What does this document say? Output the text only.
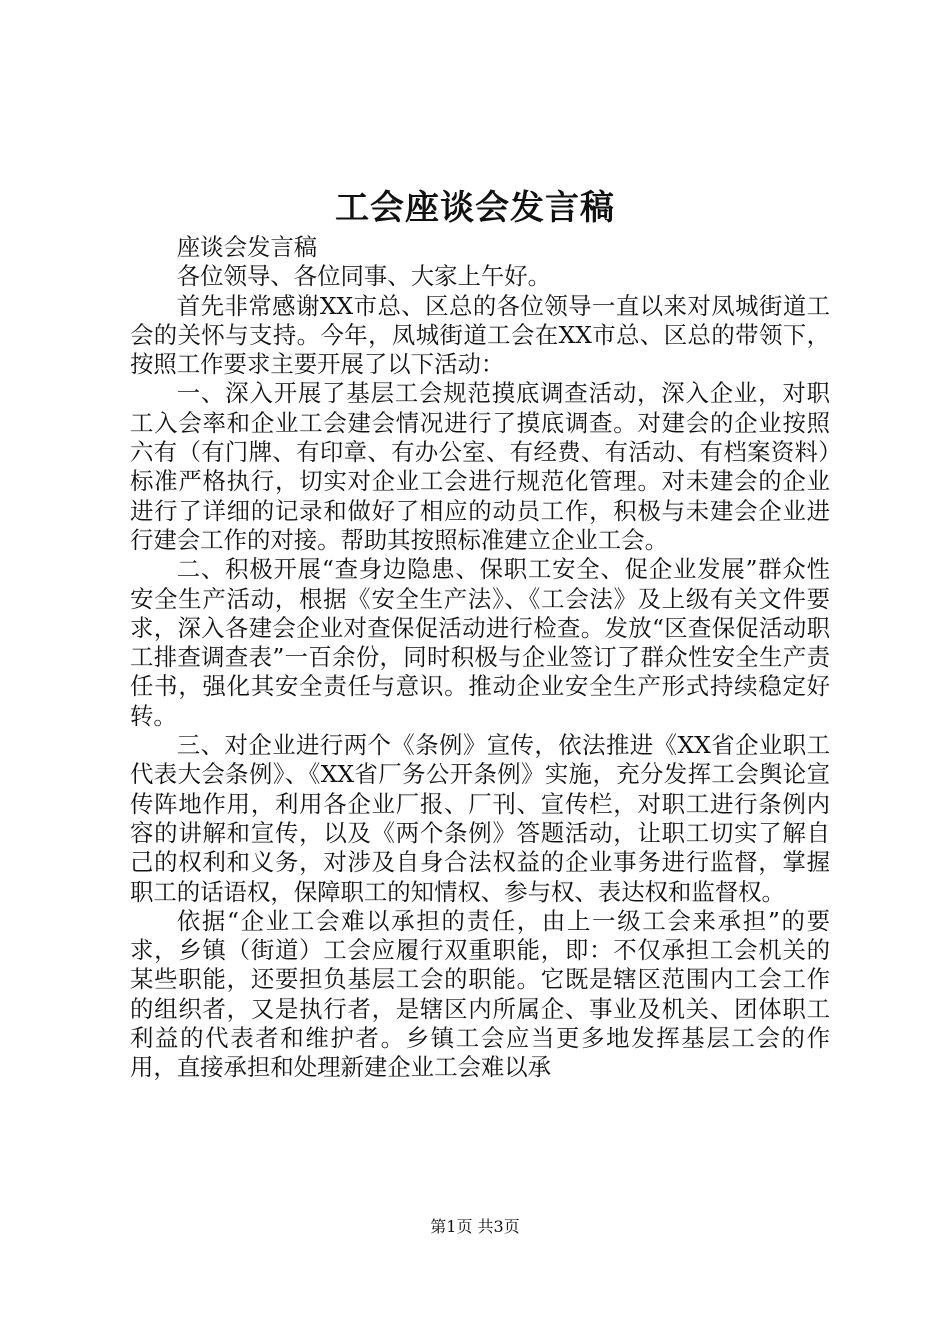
工会座谈会发言稿

座谈会发言稿

各位领导、各位同事、大家上午好。

首先非常感谢XX市总、区总的各位领导一直以来对凤城街道工会的关怀与支持。今年，凤城街道工会在XX市总、区总的带领下，按照工作要求主要开展了以下活动：

一、深入开展了基层工会规范摸底调查活动，深入企业，对职工入会率和企业工会建会情况进行了摸底调查。对建会的企业按照六有（有门牌、有印章、有办公室、有经费、有活动、有档案资料）标准严格执行，切实对企业工会进行规范化管理。对未建会的企业进行了详细的记录和做好了相应的动员工作，积极与未建会企业进行建会工作的对接。帮助其按照标准建立企业工会。

二、积极开展“查身边隐患、保职工安全、促企业发展”群众性安全生产活动，根据《安全生产法》、《工会法》及上级有关文件要求，深入各建会企业对查保促活动进行检查。发放“区查保促活动职工排查调查表”一百余份，同时积极与企业签订了群众性安全生产责任书，强化其安全责任与意识。推动企业安全生产形式持续稳定好转。

三、对企业进行两个《条例》宣传，依法推进《XX省企业职工代表大会条例》、《XX省厂务公开条例》实施，充分发挥工会舆论宣传阵地作用，利用各企业厂报、厂刊、宣传栏，对职工进行条例内容的讲解和宣传，以及《两个条例》答题活动，让职工切实了解自己的权利和义务，对涉及自身合法权益的企业事务进行监督，掌握职工的话语权，保障职工的知情权、参与权、表达权和监督权。

依据“企业工会难以承担的责任，由上一级工会来承担”的要求，乡镇（街道）工会应履行双重职能，即：不仅承担工会机关的某些职能，还要担负基层工会的职能。它既是辖区范围内工会工作的组织者，又是执行者，是辖区内所属企、事业及机关、团体职工利益的代表者和维护者。乡镇工会应当更多地发挥基层工会的作用，直接承担和处理新建企业工会难以承

第1页 共3页
